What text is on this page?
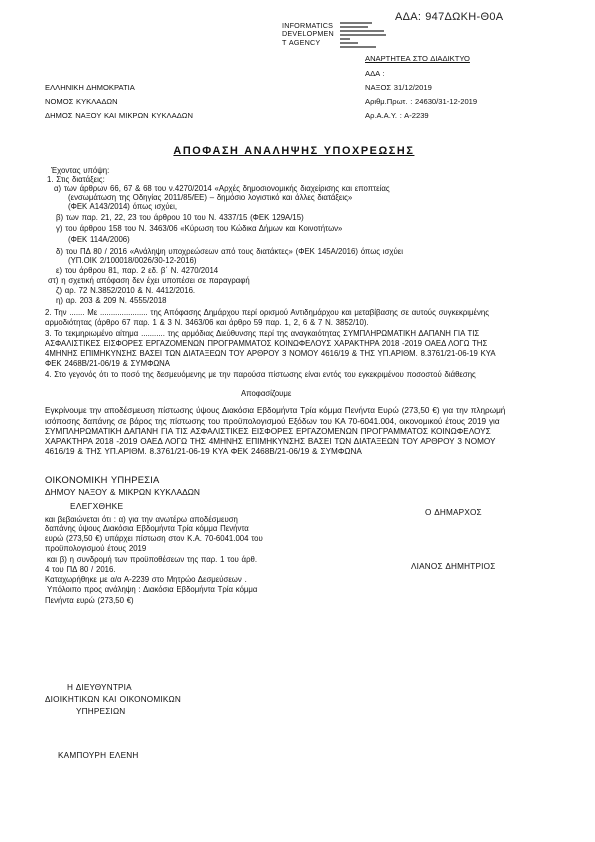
ΑΔΑ: 947ΔΩΚΗ-Θ0Α
INFORMATICS
DEVELOPMEN
T AGENCY
ΑΝΑΡΤΗΤΕΑ ΣΤΟ ΔΙΑΔΙΚΤΥΟ
ΑΔΑ :
ΝΑΞΟΣ 31/12/2019
Αριθμ.Πρωτ. : 24630/31-12-2019
Αρ.Α.Α.Υ. : Α-2239
ΕΛΛΗΝΙΚΗ ΔΗΜΟΚΡΑΤΙΑ
ΝΟΜΟΣ ΚΥΚΛΑΔΩΝ
ΔΗΜΟΣ ΝΑΞΟΥ ΚΑΙ ΜΙΚΡΩΝ ΚΥΚΛΑΔΩΝ
ΑΠΟΦΑΣΗ ΑΝΑΛΗΨΗΣ ΥΠΟΧΡΕΩΣΗΣ
Έχοντας υπόψη:
1. Στις διατάξεις:
α) των άρθρων 66, 67 & 68 του ν.4270/2014 «Αρχές δημοσιονομικής διαχείρισης και εποπτείας
(ενσωμάτωση της Οδηγίας 2011/85/ΕΕ) – δημόσιο λογιστικό και άλλες διατάξεις»
(ΦΕΚ Α143/2014) όπως ισχύει,
β) των παρ. 21, 22, 23 του άρθρου 10 του Ν. 4337/15 (ΦΕΚ 129Α/15)
γ) του άρθρου 158 του Ν. 3463/06 «Κύρωση του Κώδικα Δήμων και Κοινοτήτων»
(ΦΕΚ 114Α/2006)
δ) του ΠΔ 80 / 2016 «Ανάληψη υποχρεώσεων από τους διατάκτες» (ΦΕΚ 145Α/2016) όπως ισχύει
(ΥΠ.ΟΙΚ 2/100018/0026/30-12-2016)
ε) του άρθρου 81, παρ. 2 εδ. β΄ Ν. 4270/2014
στ) η σχετική απόφαση δεν έχει υποπέσει σε παραγραφή
ζ) αρ. 72 Ν.3852/2010 & Ν. 4412/2016.
η) αρ. 203 & 209 Ν. 4555/2018
2. Την ....... Με ...................... της Απόφασης Δημάρχου περί ορισμού Αντιδημάρχου και μεταβίβασης σε αυτούς συγκεκριμένης
αρμοδιότητας (άρθρο 67 παρ. 1 & 3 Ν. 3463/06 και άρθρο 59 παρ. 1, 2, 6 & 7 Ν. 3852/10).
3. Το τεκμηριωμένο αίτημα ........... της αρμόδιας Διεύθυνσης περί της αναγκαιότητας ΣΥΜΠΛΗΡΩΜΑΤΙΚΗ ΔΑΠΑΝΗ ΓΙΑ ΤΙΣ
ΑΣΦΑΛΙΣΤΙΚΕΣ ΕΙΣΦΟΡΕΣ ΕΡΓΑΖΟΜΕΝΩΝ ΠΡΟΓΡΑΜΜΑΤΟΣ ΚΟΙΝΩΦΕΛΟΥΣ ΧΑΡΑΚΤΗΡΑ 2018 -2019 ΟΑΕΔ ΛΟΓΩ ΤΗΣ
4ΜΗΝΗΣ ΕΠΙΜΗΚΥΝΣΗΣ ΒΑΣΕΙ ΤΩΝ ΔΙΑΤΑΞΕΩΝ ΤΟΥ ΑΡΘΡΟΥ 3 ΝΟΜΟΥ 4616/19 & ΤΗΣ ΥΠ.ΑΡΙΘΜ. 8.3761/21-06-19 ΚΥΑ
ΦΕΚ 2468Β/21-06/19 & ΣΥΜΦΩΝΑ
4. Στο γεγονός ότι το ποσό της δεσμευόμενης με την παρούσα πίστωσης είναι εντός του εγκεκριμένου ποσοστού διάθεσης
Αποφασίζουμε
Εγκρίνουμε την αποδέσμευση πίστωσης ύψους Διακόσια Εβδομήντα Τρία κόμμα Πενήντα Ευρώ (273,50 €) για την πληρωμή
ισόποσης δαπάνης σε βάρος της πίστωσης του προϋπολογισμού Εξόδων του ΚΑ 70-6041.004, οικονομικού έτους 2019 για
ΣΥΜΠΛΗΡΩΜΑΤΙΚΗ ΔΑΠΑΝΗ ΓΙΑ ΤΙΣ ΑΣΦΑΛΙΣΤΙΚΕΣ ΕΙΣΦΟΡΕΣ ΕΡΓΑΖΟΜΕΝΩΝ ΠΡΟΓΡΑΜΜΑΤΟΣ ΚΟΙΝΩΦΕΛΟΥΣ
ΧΑΡΑΚΤΗΡΑ 2018 -2019 ΟΑΕΔ ΛΟΓΩ ΤΗΣ 4ΜΗΝΗΣ ΕΠΙΜΗΚΥΝΣΗΣ ΒΑΣΕΙ ΤΩΝ ΔΙΑΤΑΞΕΩΝ ΤΟΥ ΑΡΘΡΟΥ 3 ΝΟΜΟΥ
4616/19 & ΤΗΣ ΥΠ.ΑΡΙΘΜ. 8.3761/21-06-19 ΚΥΑ ΦΕΚ 2468Β/21-06/19 & ΣΥΜΦΩΝΑ
ΟΙΚΟΝΟΜΙΚΗ ΥΠΗΡΕΣΙΑ
ΔΗΜΟΥ ΝΑΞΟΥ & ΜΙΚΡΩΝ ΚΥΚΛΑΔΩΝ
ΕΛΕΓΧΘΗΚΕ
και βεβαιώνεται ότι : α) για την ανωτέρω αποδέσμευση
δαπάνης ύψους Διακόσια Εβδομήντα Τρία κόμμα Πενήντα
ευρώ (273,50 €) υπάρχει πίστωση στον Κ.Α. 70-6041.004 του
προϋπολογισμού έτους 2019
και β) η συνδρομή των προϋποθέσεων της παρ. 1 του άρθ.
4 του ΠΔ 80 / 2016.
Καταχωρήθηκε με α/α Α-2239 στο Μητρώο Δεσμεύσεων .
Υπόλοιπο προς ανάληψη : Διακόσια Εβδομήντα Τρία κόμμα
Πενήντα ευρώ (273,50 €)
Ο ΔΗΜΑΡΧΟΣ
ΛΙΑΝΟΣ ΔΗΜΗΤΡΙΟΣ
Η ΔΙΕΥΘΥΝΤΡΙΑ
ΔΙΟΙΚΗΤΙΚΩΝ ΚΑΙ ΟΙΚΟΝΟΜΙΚΩΝ
ΥΠΗΡΕΣΙΩΝ
ΚΑΜΠΟΥΡΗ ΕΛΕΝΗ
